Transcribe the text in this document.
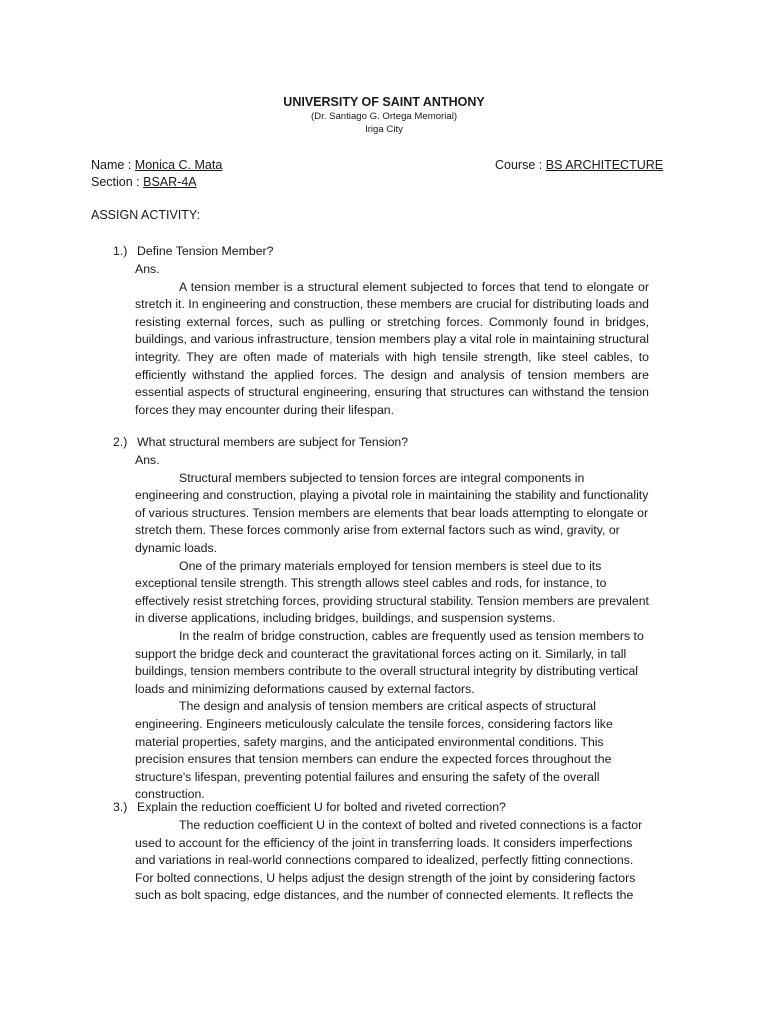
UNIVERSITY OF SAINT ANTHONY
(Dr. Santiago G. Ortega Memorial)
Iriga City
Name : Monica C. Mata
Section : BSAR-4A
Course : BS ARCHITECTURE
ASSIGN ACTIVITY:
1.) Define Tension Member?
Ans.

A tension member is a structural element subjected to forces that tend to elongate or stretch it. In engineering and construction, these members are crucial for distributing loads and resisting external forces, such as pulling or stretching forces. Commonly found in bridges, buildings, and various infrastructure, tension members play a vital role in maintaining structural integrity. They are often made of materials with high tensile strength, like steel cables, to efficiently withstand the applied forces. The design and analysis of tension members are essential aspects of structural engineering, ensuring that structures can withstand the tension forces they may encounter during their lifespan.

2.) What structural members are subject for Tension?
Ans.

Structural members subjected to tension forces are integral components in engineering and construction, playing a pivotal role in maintaining the stability and functionality of various structures. Tension members are elements that bear loads attempting to elongate or stretch them. These forces commonly arise from external factors such as wind, gravity, or dynamic loads.

One of the primary materials employed for tension members is steel due to its exceptional tensile strength. This strength allows steel cables and rods, for instance, to effectively resist stretching forces, providing structural stability. Tension members are prevalent in diverse applications, including bridges, buildings, and suspension systems.

In the realm of bridge construction, cables are frequently used as tension members to support the bridge deck and counteract the gravitational forces acting on it. Similarly, in tall buildings, tension members contribute to the overall structural integrity by distributing vertical loads and minimizing deformations caused by external factors.

The design and analysis of tension members are critical aspects of structural engineering. Engineers meticulously calculate the tensile forces, considering factors like material properties, safety margins, and the anticipated environmental conditions. This precision ensures that tension members can endure the expected forces throughout the structure's lifespan, preventing potential failures and ensuring the safety of the overall construction.

3.) Explain the reduction coefficient U for bolted and riveted correction?

The reduction coefficient U in the context of bolted and riveted connections is a factor used to account for the efficiency of the joint in transferring loads. It considers imperfections and variations in real-world connections compared to idealized, perfectly fitting connections. For bolted connections, U helps adjust the design strength of the joint by considering factors such as bolt spacing, edge distances, and the number of connected elements. It reflects the
